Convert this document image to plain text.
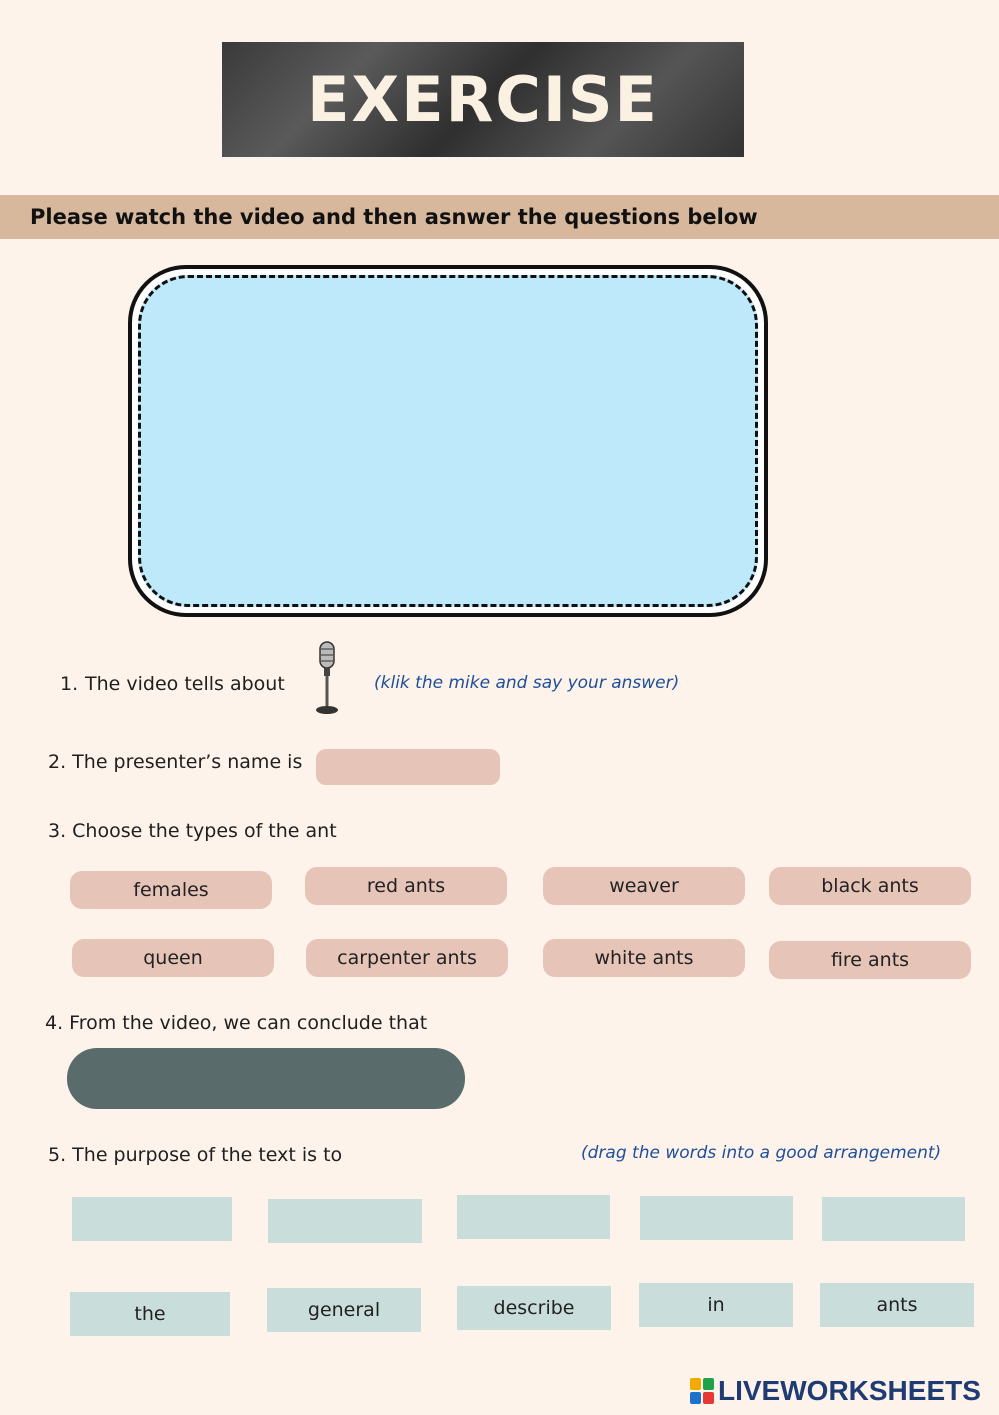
EXERCISE
Please watch the video and then asnwer the questions below
1. The video tells about	(klik the mike and say your answer)
2. The presenter’s name is
3. Choose the types of the ant
females	red ants	weaver	black ants
queen	carpenter ants	white ants	fire ants
4. From the video, we can conclude that
5. The purpose of the text is to	(drag the words into a good arrangement)
the	general	describe	in	ants
LIVEWORKSHEETS
